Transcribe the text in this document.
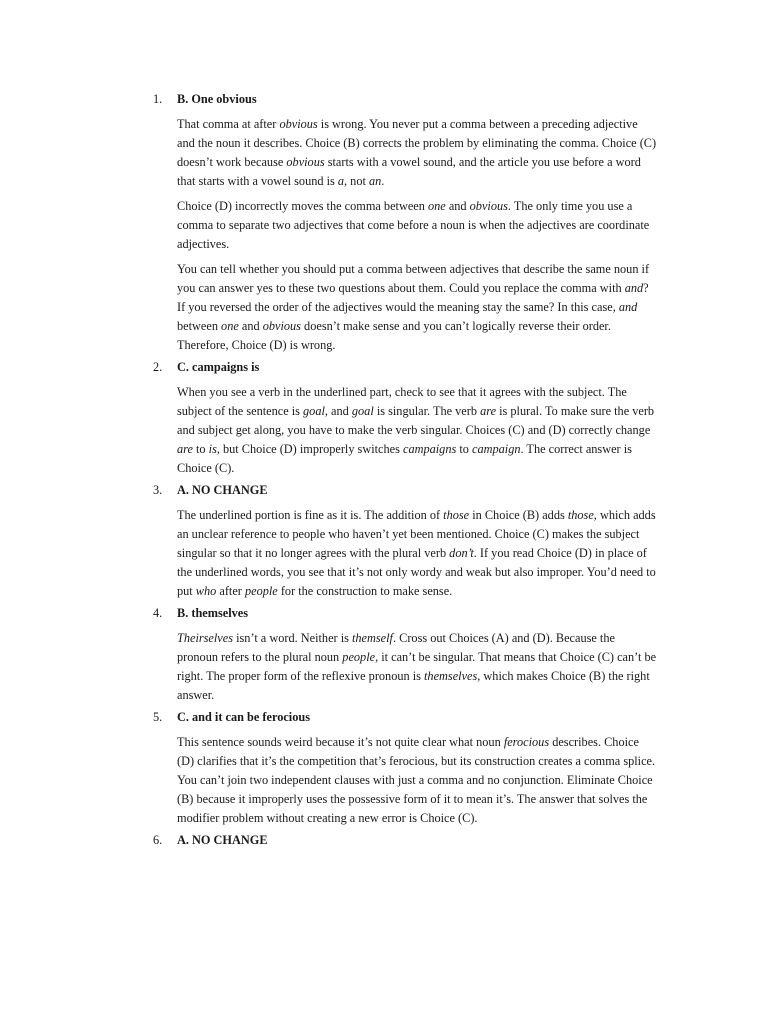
1.	B. One obvious
That comma at after obvious is wrong. You never put a comma between a preceding adjective and the noun it describes. Choice (B) corrects the problem by eliminating the comma. Choice (C) doesn’t work because obvious starts with a vowel sound, and the article you use before a word that starts with a vowel sound is a, not an.
Choice (D) incorrectly moves the comma between one and obvious. The only time you use a comma to separate two adjectives that come before a noun is when the adjectives are coordinate adjectives.
You can tell whether you should put a comma between adjectives that describe the same noun if you can answer yes to these two questions about them. Could you replace the comma with and? If you reversed the order of the adjectives would the meaning stay the same? In this case, and between one and obvious doesn’t make sense and you can’t logically reverse their order. Therefore, Choice (D) is wrong.
2.	C. campaigns is
When you see a verb in the underlined part, check to see that it agrees with the subject. The subject of the sentence is goal, and goal is singular. The verb are is plural. To make sure the verb and subject get along, you have to make the verb singular. Choices (C) and (D) correctly change are to is, but Choice (D) improperly switches campaigns to campaign. The correct answer is Choice (C).
3.	A. NO CHANGE
The underlined portion is fine as it is. The addition of those in Choice (B) adds those, which adds an unclear reference to people who haven’t yet been mentioned. Choice (C) makes the subject singular so that it no longer agrees with the plural verb don’t. If you read Choice (D) in place of the underlined words, you see that it’s not only wordy and weak but also improper. You’d need to put who after people for the construction to make sense.
4.	B. themselves
Theirselves isn’t a word. Neither is themself. Cross out Choices (A) and (D). Because the pronoun refers to the plural noun people, it can’t be singular. That means that Choice (C) can’t be right. The proper form of the reflexive pronoun is themselves, which makes Choice (B) the right answer.
5.	C. and it can be ferocious
This sentence sounds weird because it’s not quite clear what noun ferocious describes. Choice (D) clarifies that it’s the competition that’s ferocious, but its construction creates a comma splice. You can’t join two independent clauses with just a comma and no conjunction. Eliminate Choice (B) because it improperly uses the possessive form of it to mean it’s. The answer that solves the modifier problem without creating a new error is Choice (C).
6.	A. NO CHANGE
